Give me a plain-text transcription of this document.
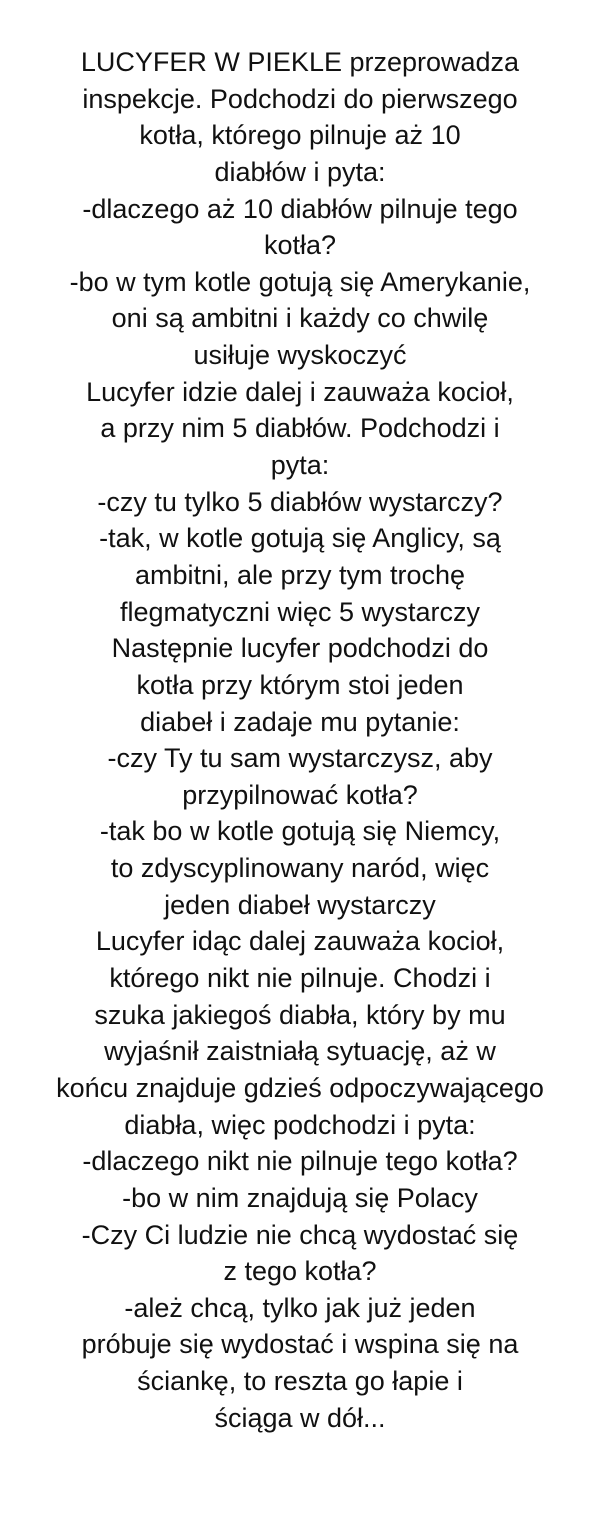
LUCYFER W PIEKLE przeprowadza
inspekcje. Podchodzi do pierwszego
kotła, którego pilnuje aż 10
diabłów i pyta:
-dlaczego aż 10 diabłów pilnuje tego
kotła?
-bo w tym kotle gotują się Amerykanie,
oni są ambitni i każdy co chwilę
usiłuje wyskoczyć
Lucyfer idzie dalej i zauważa kocioł,
a przy nim 5 diabłów. Podchodzi i
pyta:
-czy tu tylko 5 diabłów wystarczy?
-tak, w kotle gotują się Anglicy, są
ambitni, ale przy tym trochę
flegmatyczni więc 5 wystarczy
Następnie lucyfer podchodzi do
kotła przy którym stoi jeden
diabeł i zadaje mu pytanie:
-czy Ty tu sam wystarczysz, aby
przypilnować kotła?
-tak bo w kotle gotują się Niemcy,
to zdyscyplinowany naród, więc
jeden diabeł wystarczy
Lucyfer idąc dalej zauważa kocioł,
którego nikt nie pilnuje. Chodzi i
szuka jakiegoś diabła, który by mu
wyjaśnił zaistniałą sytuację, aż w
końcu znajduje gdzieś odpoczywającego
diabła, więc podchodzi i pyta:
-dlaczego nikt nie pilnuje tego kotła?
-bo w nim znajdują się Polacy
-Czy Ci ludzie nie chcą wydostać się
z tego kotła?
-ależ chcą, tylko jak już jeden
próbuje się wydostać i wspina się na
ściankę, to reszta go łapie i
ściąga w dół...
